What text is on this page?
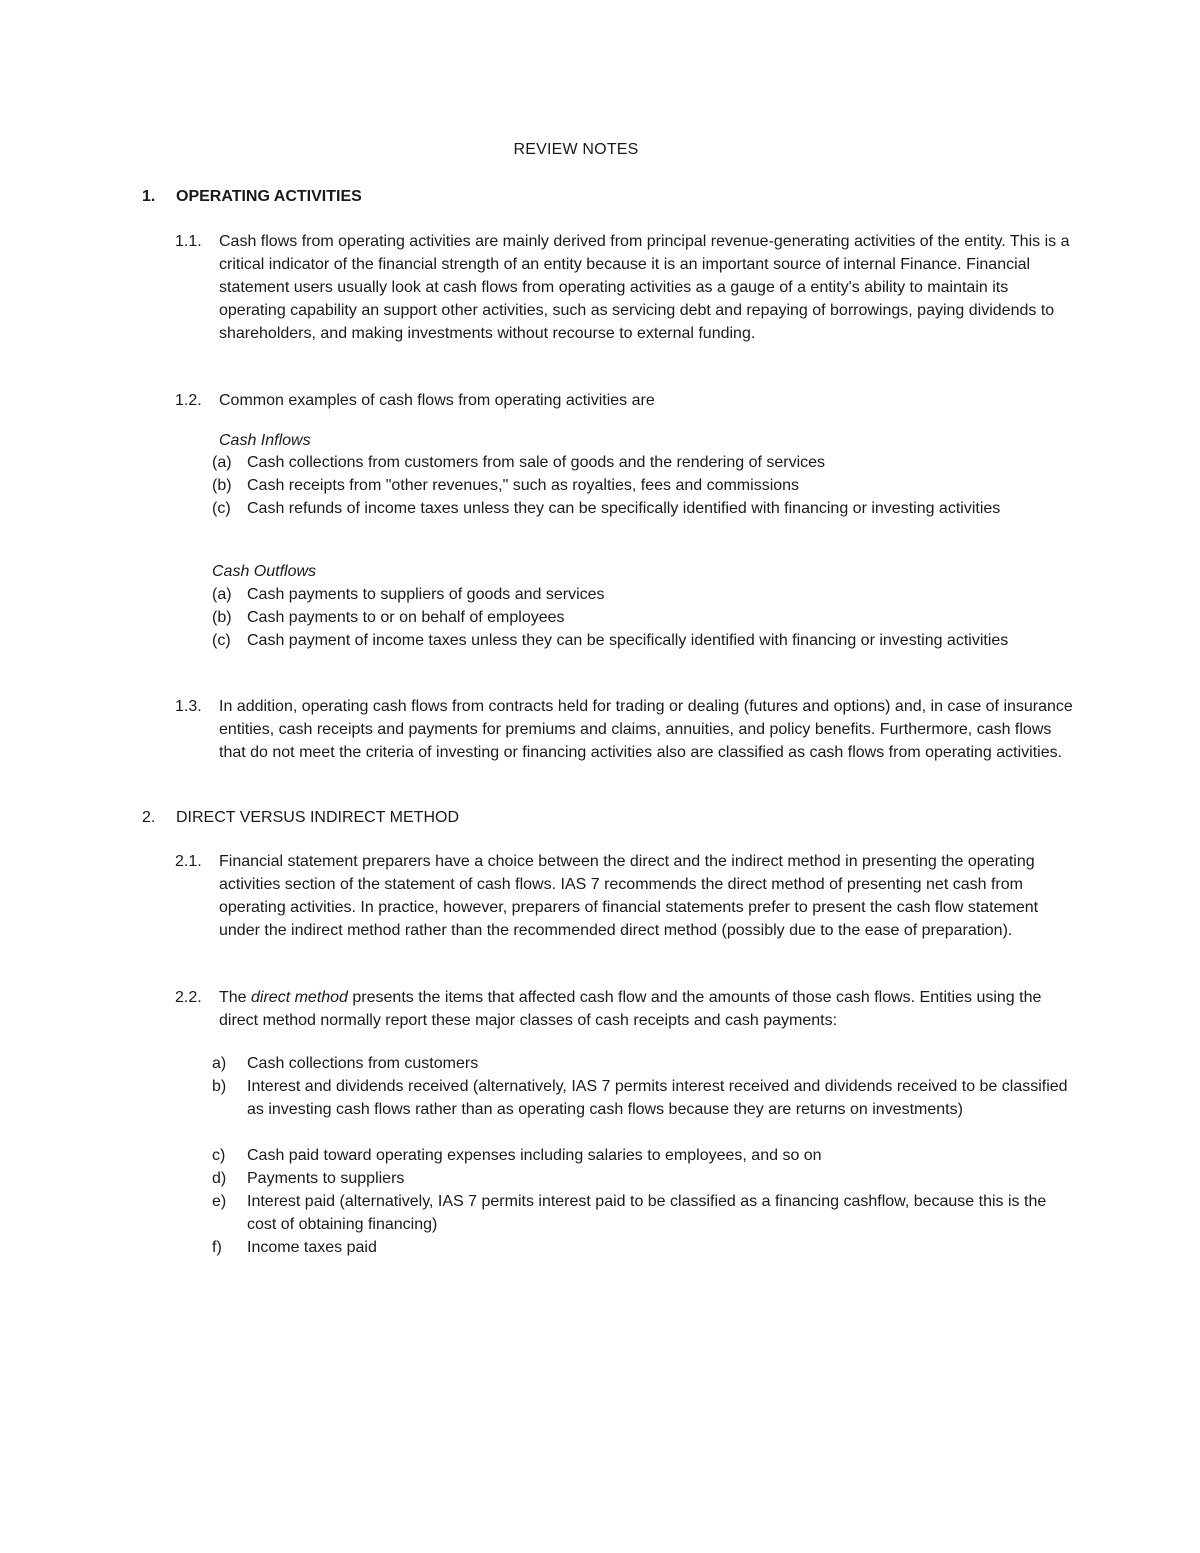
REVIEW NOTES
1. OPERATING ACTIVITIES
1.1. Cash flows from operating activities are mainly derived from principal revenue-generating activities of the entity. This is a critical indicator of the financial strength of an entity because it is an important source of internal Finance. Financial statement users usually look at cash flows from operating activities as a gauge of a entity's ability to maintain its operating capability an support other activities, such as servicing debt and repaying of borrowings, paying dividends to shareholders, and making investments without recourse to external funding.
1.2. Common examples of cash flows from operating activities are
Cash Inflows
(a) Cash collections from customers from sale of goods and the rendering of services
(b) Cash receipts from "other revenues," such as royalties, fees and commissions
(c) Cash refunds of income taxes unless they can be specifically identified with financing or investing activities
Cash Outflows
(a) Cash payments to suppliers of goods and services
(b) Cash payments to or on behalf of employees
(c) Cash payment of income taxes unless they can be specifically identified with financing or investing activities
1.3. In addition, operating cash flows from contracts held for trading or dealing (futures and options) and, in case of insurance entities, cash receipts and payments for premiums and claims, annuities, and policy benefits. Furthermore, cash flows that do not meet the criteria of investing or financing activities also are classified as cash flows from operating activities.
2. DIRECT VERSUS INDIRECT METHOD
2.1. Financial statement preparers have a choice between the direct and the indirect method in presenting the operating activities section of the statement of cash flows. IAS 7 recommends the direct method of presenting net cash from operating activities. In practice, however, preparers of financial statements prefer to present the cash flow statement under the indirect method rather than the recommended direct method (possibly due to the ease of preparation).
2.2. The direct method presents the items that affected cash flow and the amounts of those cash flows. Entities using the direct method normally report these major classes of cash receipts and cash payments:
a) Cash collections from customers
b) Interest and dividends received (alternatively, IAS 7 permits interest received and dividends received to be classified as investing cash flows rather than as operating cash flows because they are returns on investments)
c) Cash paid toward operating expenses including salaries to employees, and so on
d) Payments to suppliers
e) Interest paid (alternatively, IAS 7 permits interest paid to be classified as a financing cashflow, because this is the cost of obtaining financing)
f) Income taxes paid
